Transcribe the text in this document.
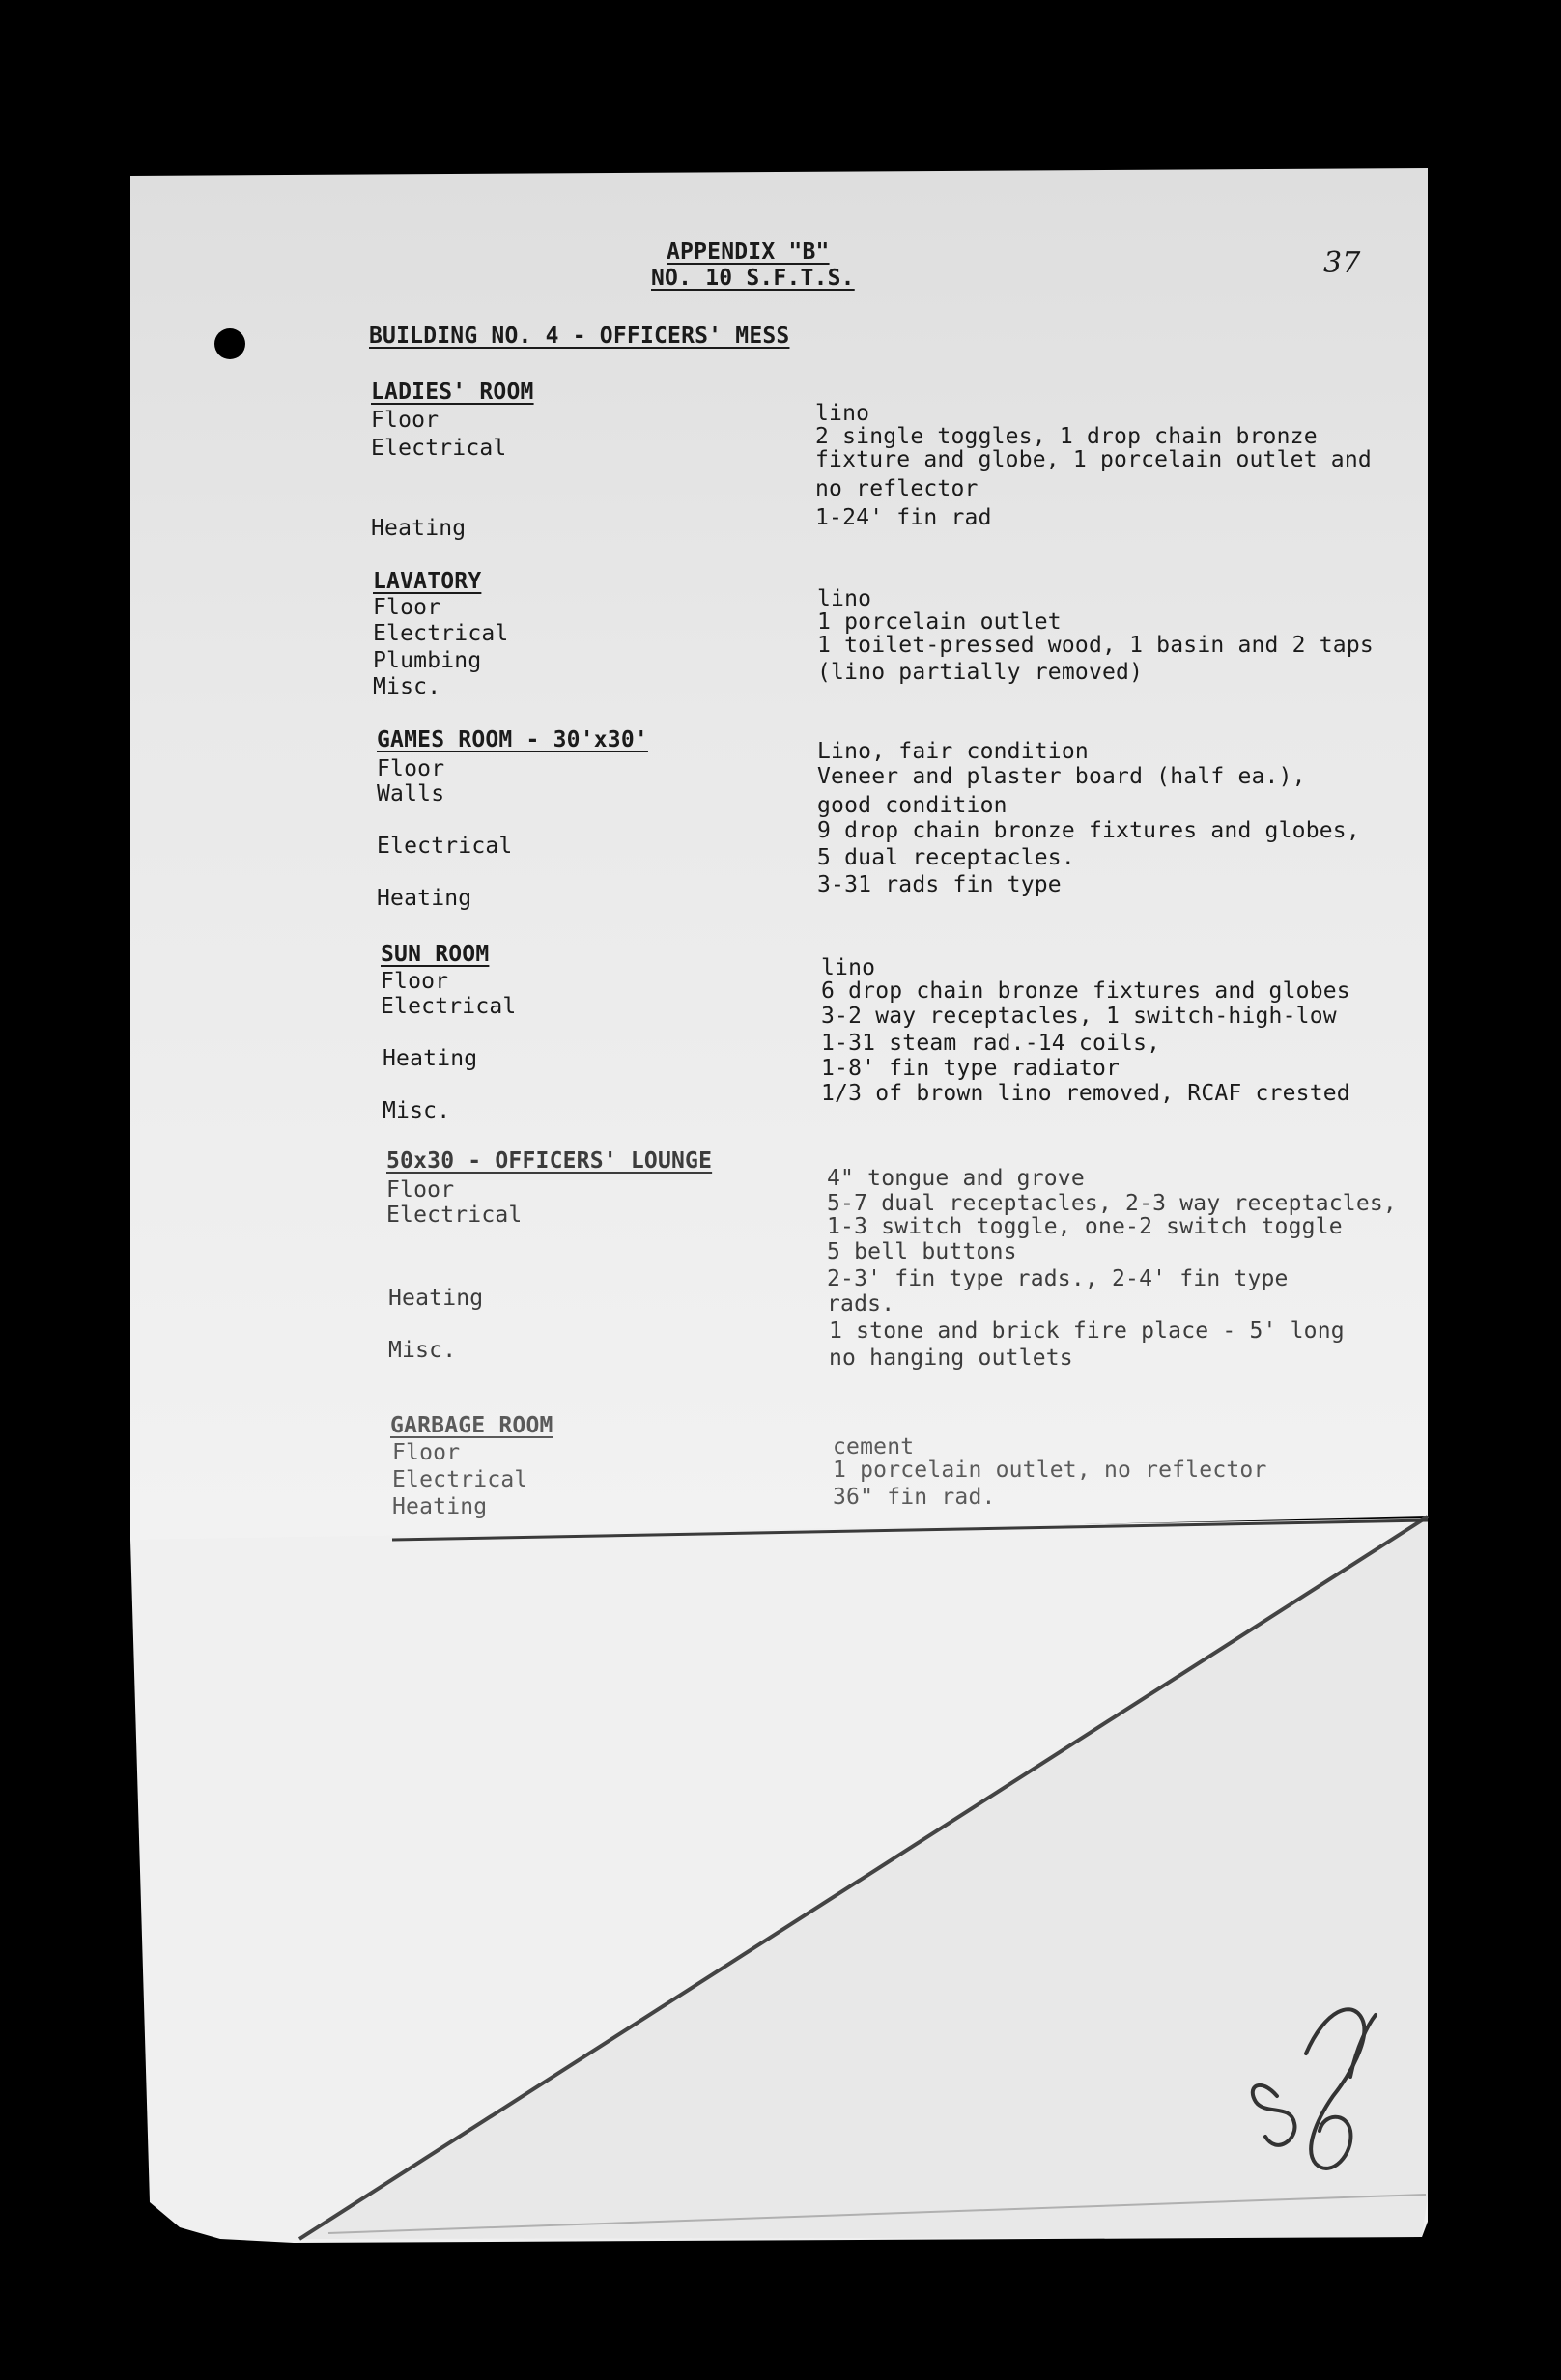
APPENDIX "B"
NO. 10 S.F.T.S.	37
BUILDING NO. 4 - OFFICERS' MESS
LADIES' ROOM
Floor
Electrical
Heating
lino
2 single toggles, 1 drop chain bronze
fixture and globe, 1 porcelain outlet and
no reflector
1-24' fin rad
LAVATORY
Floor
Electrical
Plumbing
Misc.
lino
1 porcelain outlet
1 toilet-pressed wood, 1 basin and 2 taps
(lino partially removed)
GAMES ROOM - 30'x30'
Floor
Walls
Electrical
Heating
Lino, fair condition
Veneer and plaster board (half ea.),
good condition
9 drop chain bronze fixtures and globes,
5 dual receptacles.
3-31 rads fin type
SUN ROOM
Floor
Electrical
Heating
Misc.
lino
6 drop chain bronze fixtures and globes
3-2 way receptacles, 1 switch-high-low
1-31 steam rad.-14 coils,
1-8' fin type radiator
1/3 of brown lino removed, RCAF crested
50x30 - OFFICERS' LOUNGE
Floor
Electrical
Heating
Misc.
4" tongue and grove
5-7 dual receptacles, 2-3 way receptacles,
1-3 switch toggle, one-2 switch toggle
5 bell buttons
2-3' fin type rads., 2-4' fin type
rads.
1 stone and brick fire place - 5' long
no hanging outlets
GARBAGE ROOM
Floor
Electrical
Heating
cement
1 porcelain outlet, no reflector
36" fin rad.
